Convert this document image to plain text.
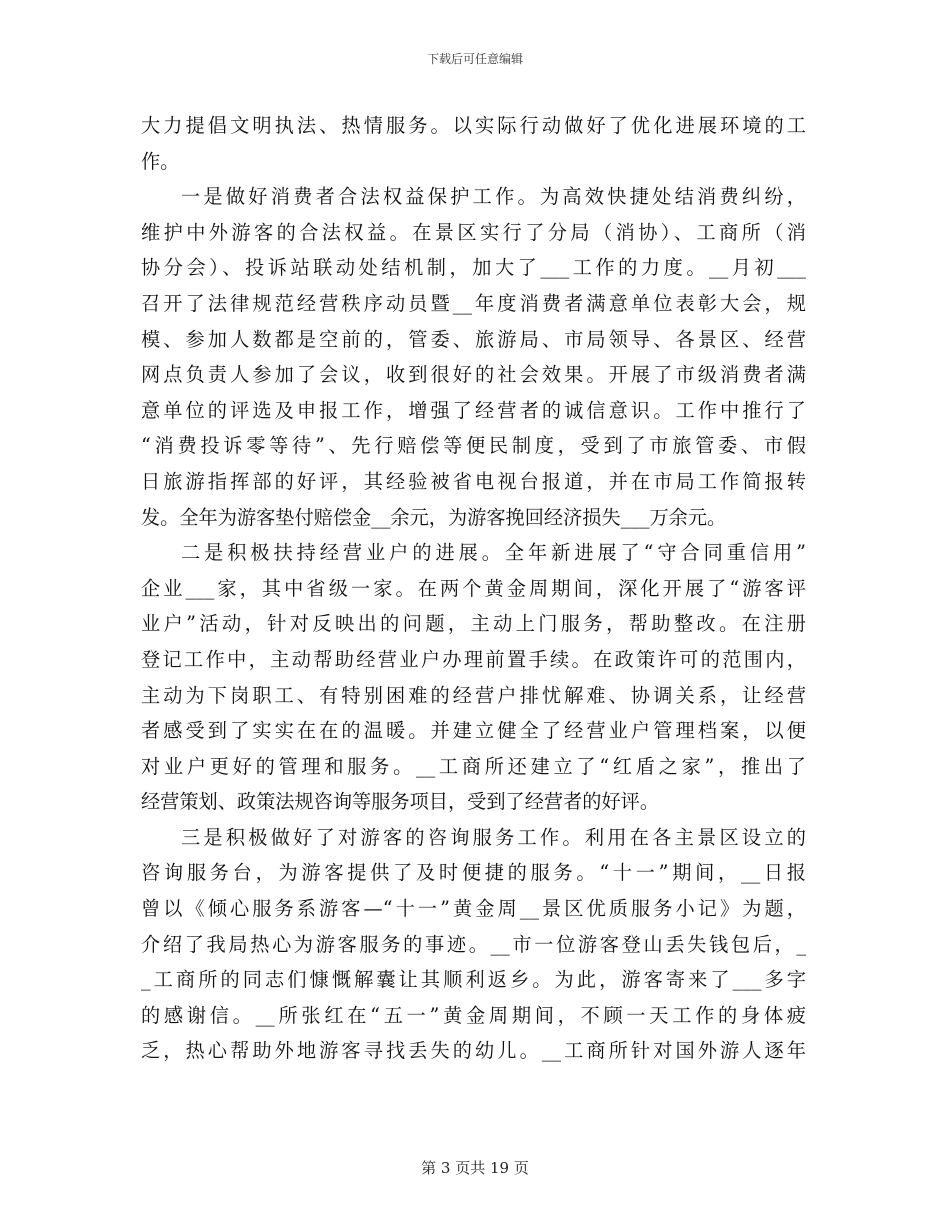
下载后可任意编辑
大力提倡文明执法、热情服务。以实际行动做好了优化进展环境的工
作。
一是做好消费者合法权益保护工作。为高效快捷处结消费纠纷，
维护中外游客的合法权益。在景区实行了分局（消协）、工商所（消
协分会）、投诉站联动处结机制，加大了___工作的力度。__月初___
召开了法律规范经营秩序动员暨__年度消费者满意单位表彰大会，规
模、参加人数都是空前的，管委、旅游局、市局领导、各景区、经营
网点负责人参加了会议，收到很好的社会效果。开展了市级消费者满
意单位的评选及申报工作，增强了经营者的诚信意识。工作中推行了
“消费投诉零等待”、先行赔偿等便民制度，受到了市旅管委、市假
日旅游指挥部的好评，其经验被省电视台报道，并在市局工作简报转
发。全年为游客垫付赔偿金__余元，为游客挽回经济损失___万余元。
二是积极扶持经营业户的进展。全年新进展了“守合同重信用”
企业___家，其中省级一家。在两个黄金周期间，深化开展了“游客评
业户”活动，针对反映出的问题，主动上门服务，帮助整改。在注册
登记工作中，主动帮助经营业户办理前置手续。在政策许可的范围内，
主动为下岗职工、有特别困难的经营户排忧解难、协调关系，让经营
者感受到了实实在在的温暖。并建立健全了经营业户管理档案，以便
对业户更好的管理和服务。__工商所还建立了“红盾之家”，推出了
经营策划、政策法规咨询等服务项目，受到了经营者的好评。
三是积极做好了对游客的咨询服务工作。利用在各主景区设立的
咨询服务台，为游客提供了及时便捷的服务。“十一”期间，__日报
曾以《倾心服务系游客—“十一”黄金周__景区优质服务小记》为题，
介绍了我局热心为游客服务的事迹。__市一位游客登山丢失钱包后，_
_工商所的同志们慷慨解囊让其顺利返乡。为此，游客寄来了___多字
的感谢信。__所张红在“五一”黄金周期间，不顾一天工作的身体疲
乏，热心帮助外地游客寻找丢失的幼儿。__工商所针对国外游人逐年
第 3 页共 19 页
